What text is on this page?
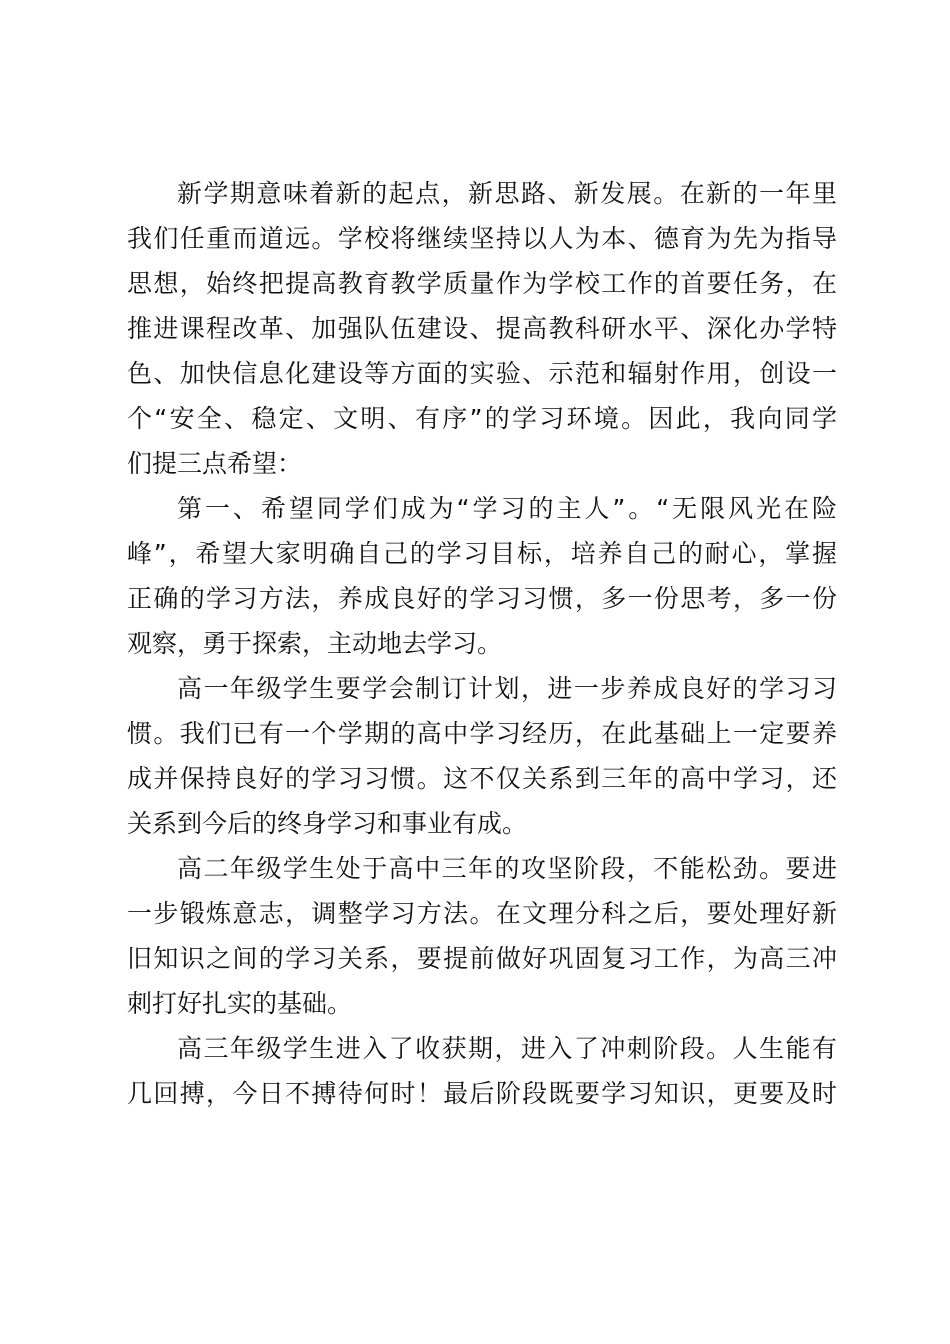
新学期意味着新的起点，新思路、新发展。在新的一年里
我们任重而道远。学校将继续坚持以人为本、德育为先为指导
思想，始终把提高教育教学质量作为学校工作的首要任务，在
推进课程改革、加强队伍建设、提高教科研水平、深化办学特
色、加快信息化建设等方面的实验、示范和辐射作用，创设一
个“安全、稳定、文明、有序”的学习环境。因此，我向同学
们提三点希望：
第一、希望同学们成为“学习的主人”。“无限风光在险
峰”，希望大家明确自己的学习目标，培养自己的耐心，掌握
正确的学习方法，养成良好的学习习惯，多一份思考，多一份
观察，勇于探索，主动地去学习。
高一年级学生要学会制订计划，进一步养成良好的学习习
惯。我们已有一个学期的高中学习经历，在此基础上一定要养
成并保持良好的学习习惯。这不仅关系到三年的高中学习，还
关系到今后的终身学习和事业有成。
高二年级学生处于高中三年的攻坚阶段，不能松劲。要进
一步锻炼意志，调整学习方法。在文理分科之后，要处理好新
旧知识之间的学习关系，要提前做好巩固复习工作，为高三冲
刺打好扎实的基础。
高三年级学生进入了收获期，进入了冲刺阶段。人生能有
几回搏，今日不搏待何时！最后阶段既要学习知识，更要及时
